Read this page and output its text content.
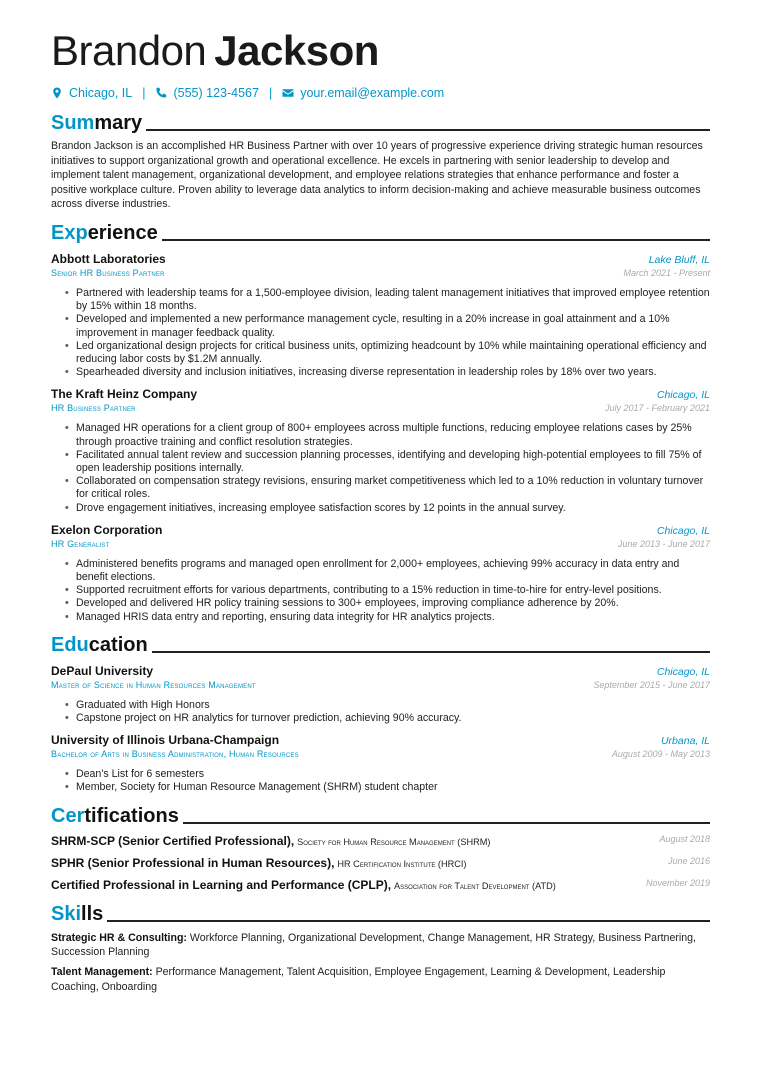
Brandon Jackson
Chicago, IL | (555) 123-4567 | your.email@example.com
Summary

Brandon Jackson is an accomplished HR Business Partner with over 10 years of progressive experience driving strategic human resources initiatives to support organizational growth and operational excellence. He excels in partnering with senior leadership to develop and implement talent management, organizational development, and employee relations strategies that enhance performance and foster a positive workplace culture. Proven ability to leverage data analytics to inform decision-making and achieve measurable business outcomes across diverse industries.

Experience
Abbott Laboratories	Lake Bluff, IL
Senior HR Business Partner	March 2021 - Present
• Partnered with leadership teams for a 1,500-employee division, leading talent management initiatives that improved employee retention by 15% within 18 months.
• Developed and implemented a new performance management cycle, resulting in a 20% increase in goal attainment and a 10% improvement in manager feedback quality.
• Led organizational design projects for critical business units, optimizing headcount by 10% while maintaining operational efficiency and reducing labor costs by $1.2M annually.
• Spearheaded diversity and inclusion initiatives, increasing diverse representation in leadership roles by 18% over two years.
The Kraft Heinz Company	Chicago, IL
HR Business Partner	July 2017 - February 2021
• Managed HR operations for a client group of 800+ employees across multiple functions, reducing employee relations cases by 25% through proactive training and conflict resolution strategies.
• Facilitated annual talent review and succession planning processes, identifying and developing high-potential employees to fill 75% of open leadership positions internally.
• Collaborated on compensation strategy revisions, ensuring market competitiveness which led to a 10% reduction in voluntary turnover for critical roles.
• Drove engagement initiatives, increasing employee satisfaction scores by 12 points in the annual survey.
Exelon Corporation	Chicago, IL
HR Generalist	June 2013 - June 2017
• Administered benefits programs and managed open enrollment for 2,000+ employees, achieving 99% accuracy in data entry and benefit elections.
• Supported recruitment efforts for various departments, contributing to a 15% reduction in time-to-hire for entry-level positions.
• Developed and delivered HR policy training sessions to 300+ employees, improving compliance adherence by 20%.
• Managed HRIS data entry and reporting, ensuring data integrity for HR analytics projects.
Education
DePaul University	Chicago, IL
Master of Science in Human Resources Management	September 2015 - June 2017
• Graduated with High Honors
• Capstone project on HR analytics for turnover prediction, achieving 90% accuracy.
University of Illinois Urbana-Champaign	Urbana, IL
Bachelor of Arts in Business Administration, Human Resources	August 2009 - May 2013
• Dean's List for 6 semesters
• Member, Society for Human Resource Management (SHRM) student chapter
Certifications
SHRM-SCP (Senior Certified Professional), Society for Human Resource Management (SHRM)	August 2018
SPHR (Senior Professional in Human Resources), HR Certification Institute (HRCI)	June 2016
Certified Professional in Learning and Performance (CPLP), Association for Talent Development (ATD)	November 2019
Skills

Strategic HR & Consulting: Workforce Planning, Organizational Development, Change Management, HR Strategy, Business Partnering, Succession Planning

Talent Management: Performance Management, Talent Acquisition, Employee Engagement, Learning & Development, Leadership Coaching, Onboarding
